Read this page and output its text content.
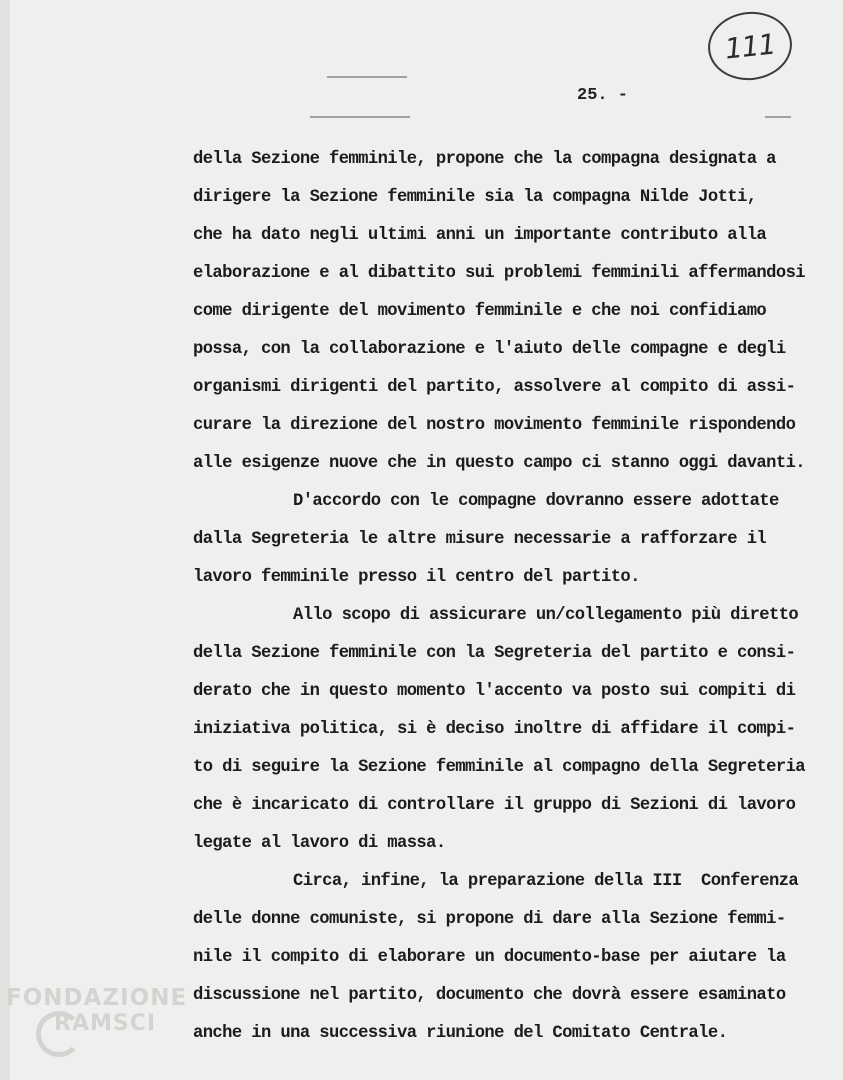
111
25. -
della Sezione femminile, propone che la compagna designata a
dirigere la Sezione femminile sia la compagna Nilde Jotti,
che ha dato negli ultimi anni un importante contributo alla
elaborazione e al dibattito sui problemi femminili affermandosi
come dirigente del movimento femminile e che noi confidiamo
possa, con la collaborazione e l'aiuto delle compagne e degli
organismi dirigenti del partito, assolvere al compito di assi-
curare la direzione del nostro movimento femminile rispondendo
alle esigenze nuove che in questo campo ci stanno oggi davanti.
D'accordo con le compagne dovranno essere adottate
dalla Segreteria le altre misure necessarie a rafforzare il
lavoro femminile presso il centro del partito.
Allo scopo di assicurare un/collegamento più diretto
della Sezione femminile con la Segreteria del partito e consi-
derato che in questo momento l'accento va posto sui compiti di
iniziativa politica, si è deciso inoltre di affidare il compi-
to di seguire la Sezione femminile al compagno della Segreteria
che è incaricato di controllare il gruppo di Sezioni di lavoro
legate al lavoro di massa.
Circa, infine, la preparazione della III  Conferenza
delle donne comuniste, si propone di dare alla Sezione femmi-
nile il compito di elaborare un documento-base per aiutare la
discussione nel partito, documento che dovrà essere esaminato
anche in una successiva riunione del Comitato Centrale.
FONDAZIONE
RAMSCI
